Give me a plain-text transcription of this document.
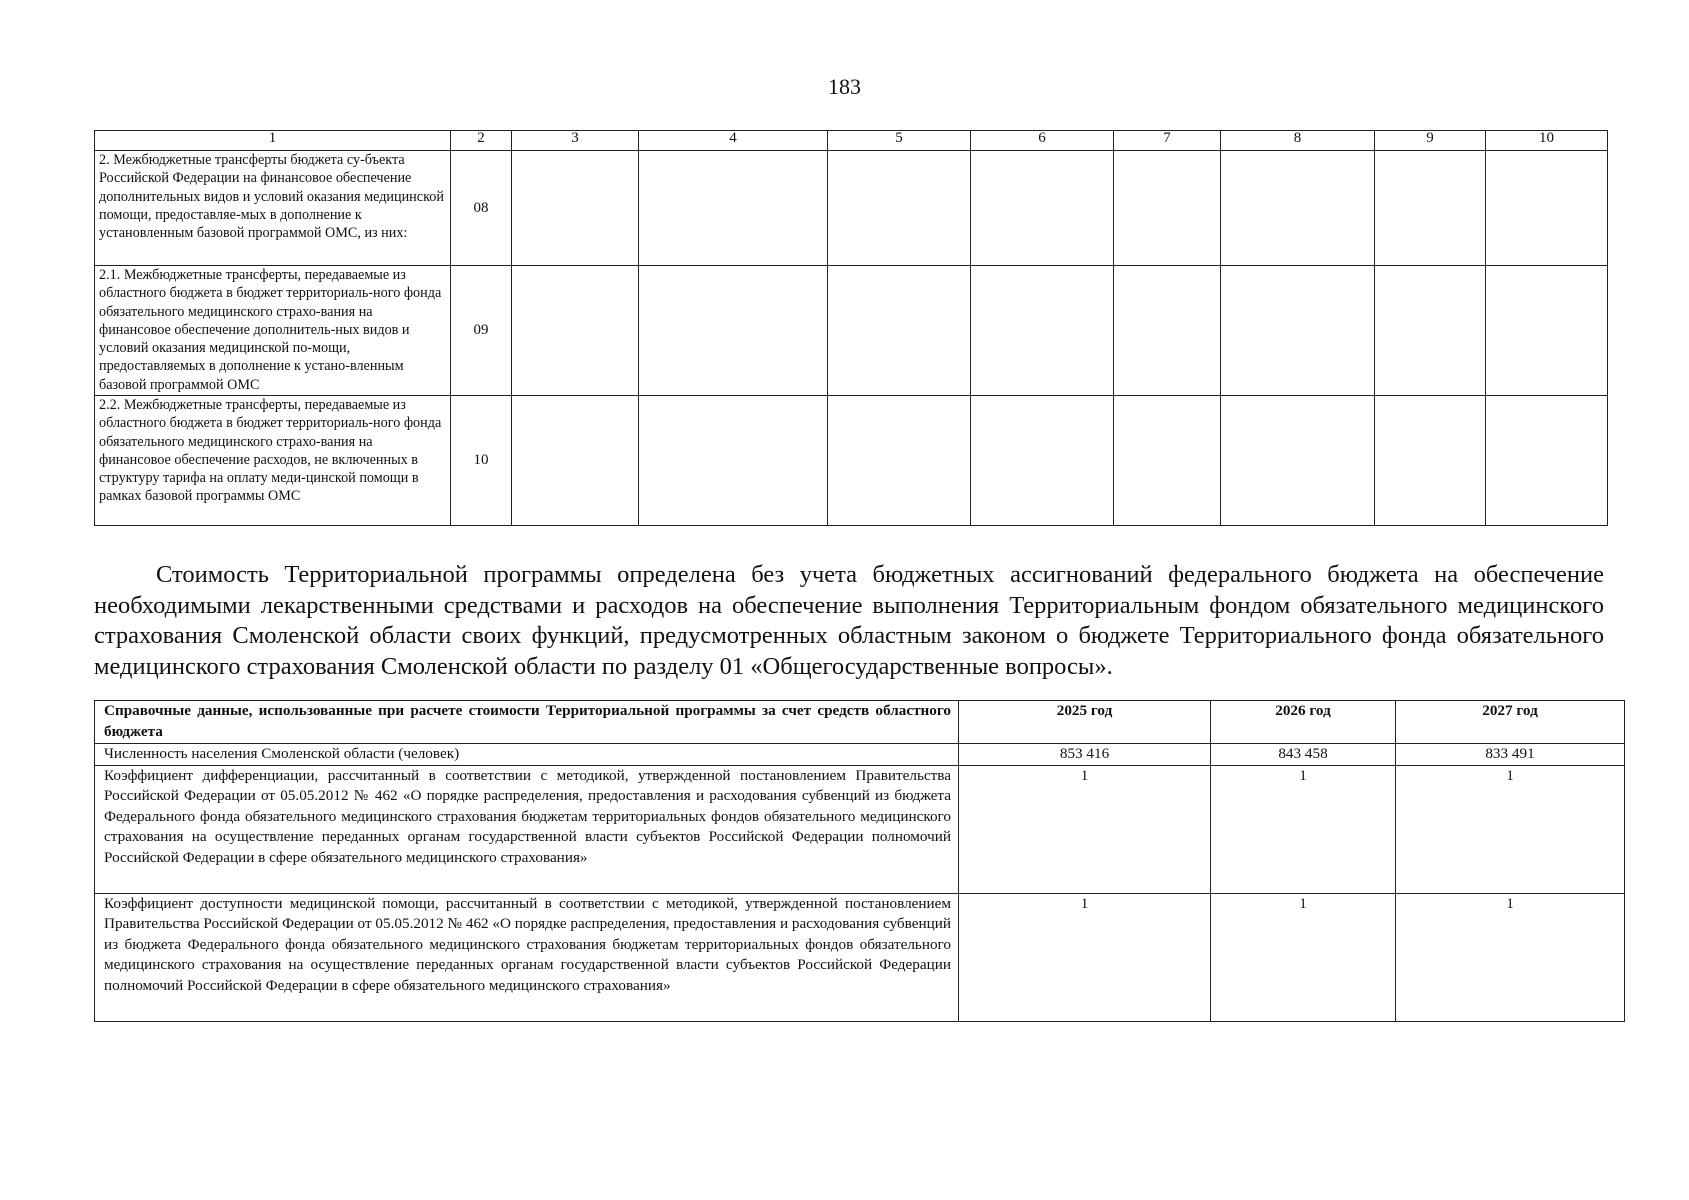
183
1	2	3	4	5	6	7	8	9	10
2. Межбюджетные трансферты бюджета су-бъекта Российской Федерации на финансовое обеспечение дополнительных видов и условий оказания медицинской помощи, предоставляе-мых в дополнение к установленным базовой программой ОМС, из них:	08								
2.1. Межбюджетные трансферты, передаваемые из областного бюджета в бюджет территориаль-ного фонда обязательного медицинского страхо-вания на финансовое обеспечение дополнитель-ных видов и условий оказания медицинской по-мощи, предоставляемых в дополнение к устано-вленным базовой программой ОМС	09								
2.2. Межбюджетные трансферты, передаваемые из областного бюджета в бюджет территориаль-ного фонда обязательного медицинского страхо-вания на финансовое обеспечение расходов, не включенных в структуру тарифа на оплату меди-цинской помощи в рамках базовой программы ОМС	10								

Стоимость Территориальной программы определена без учета бюджетных ассигнований федерального бюджета на обеспечение необходимыми лекарственными средствами и расходов на обеспечение выполнения Территориальным фондом обязательного медицинского страхования Смоленской области своих функций, предусмотренных областным законом о бюджете Территориального фонда обязательного медицинского страхования Смоленской области по разделу 01 «Общегосударственные вопросы».

Справочные данные, использованные при расчете стоимости Территориальной программы за счет средств областного бюджета	2025 год	2026 год	2027 год
Численность населения Смоленской области (человек)	853 416	843 458	833 491
Коэффициент дифференциации, рассчитанный в соответствии с методикой, утвержденной постановлением Правительства Российской Федерации от 05.05.2012 № 462 «О порядке распределения, предоставления и расходования субвенций из бюджета Федерального фонда обязательного медицинского страхования бюджетам территориальных фондов обязательного медицинского страхования на осуществление переданных органам государственной власти субъектов Российской Федерации полномочий Российской Федерации в сфере обязательного медицинского страхования»	1	1	1
Коэффициент доступности медицинской помощи, рассчитанный в соответствии с методикой, утвержденной постановлением Правительства Российской Федерации от 05.05.2012 № 462 «О порядке распределения, предоставления и расходования субвенций из бюджета Федерального фонда обязательного медицинского страхования бюджетам территориальных фондов обязательного медицинского страхования на осуществление переданных органам государственной власти субъектов Российской Федерации полномочий Российской Федерации в сфере обязательного медицинского страхования»	1	1	1
